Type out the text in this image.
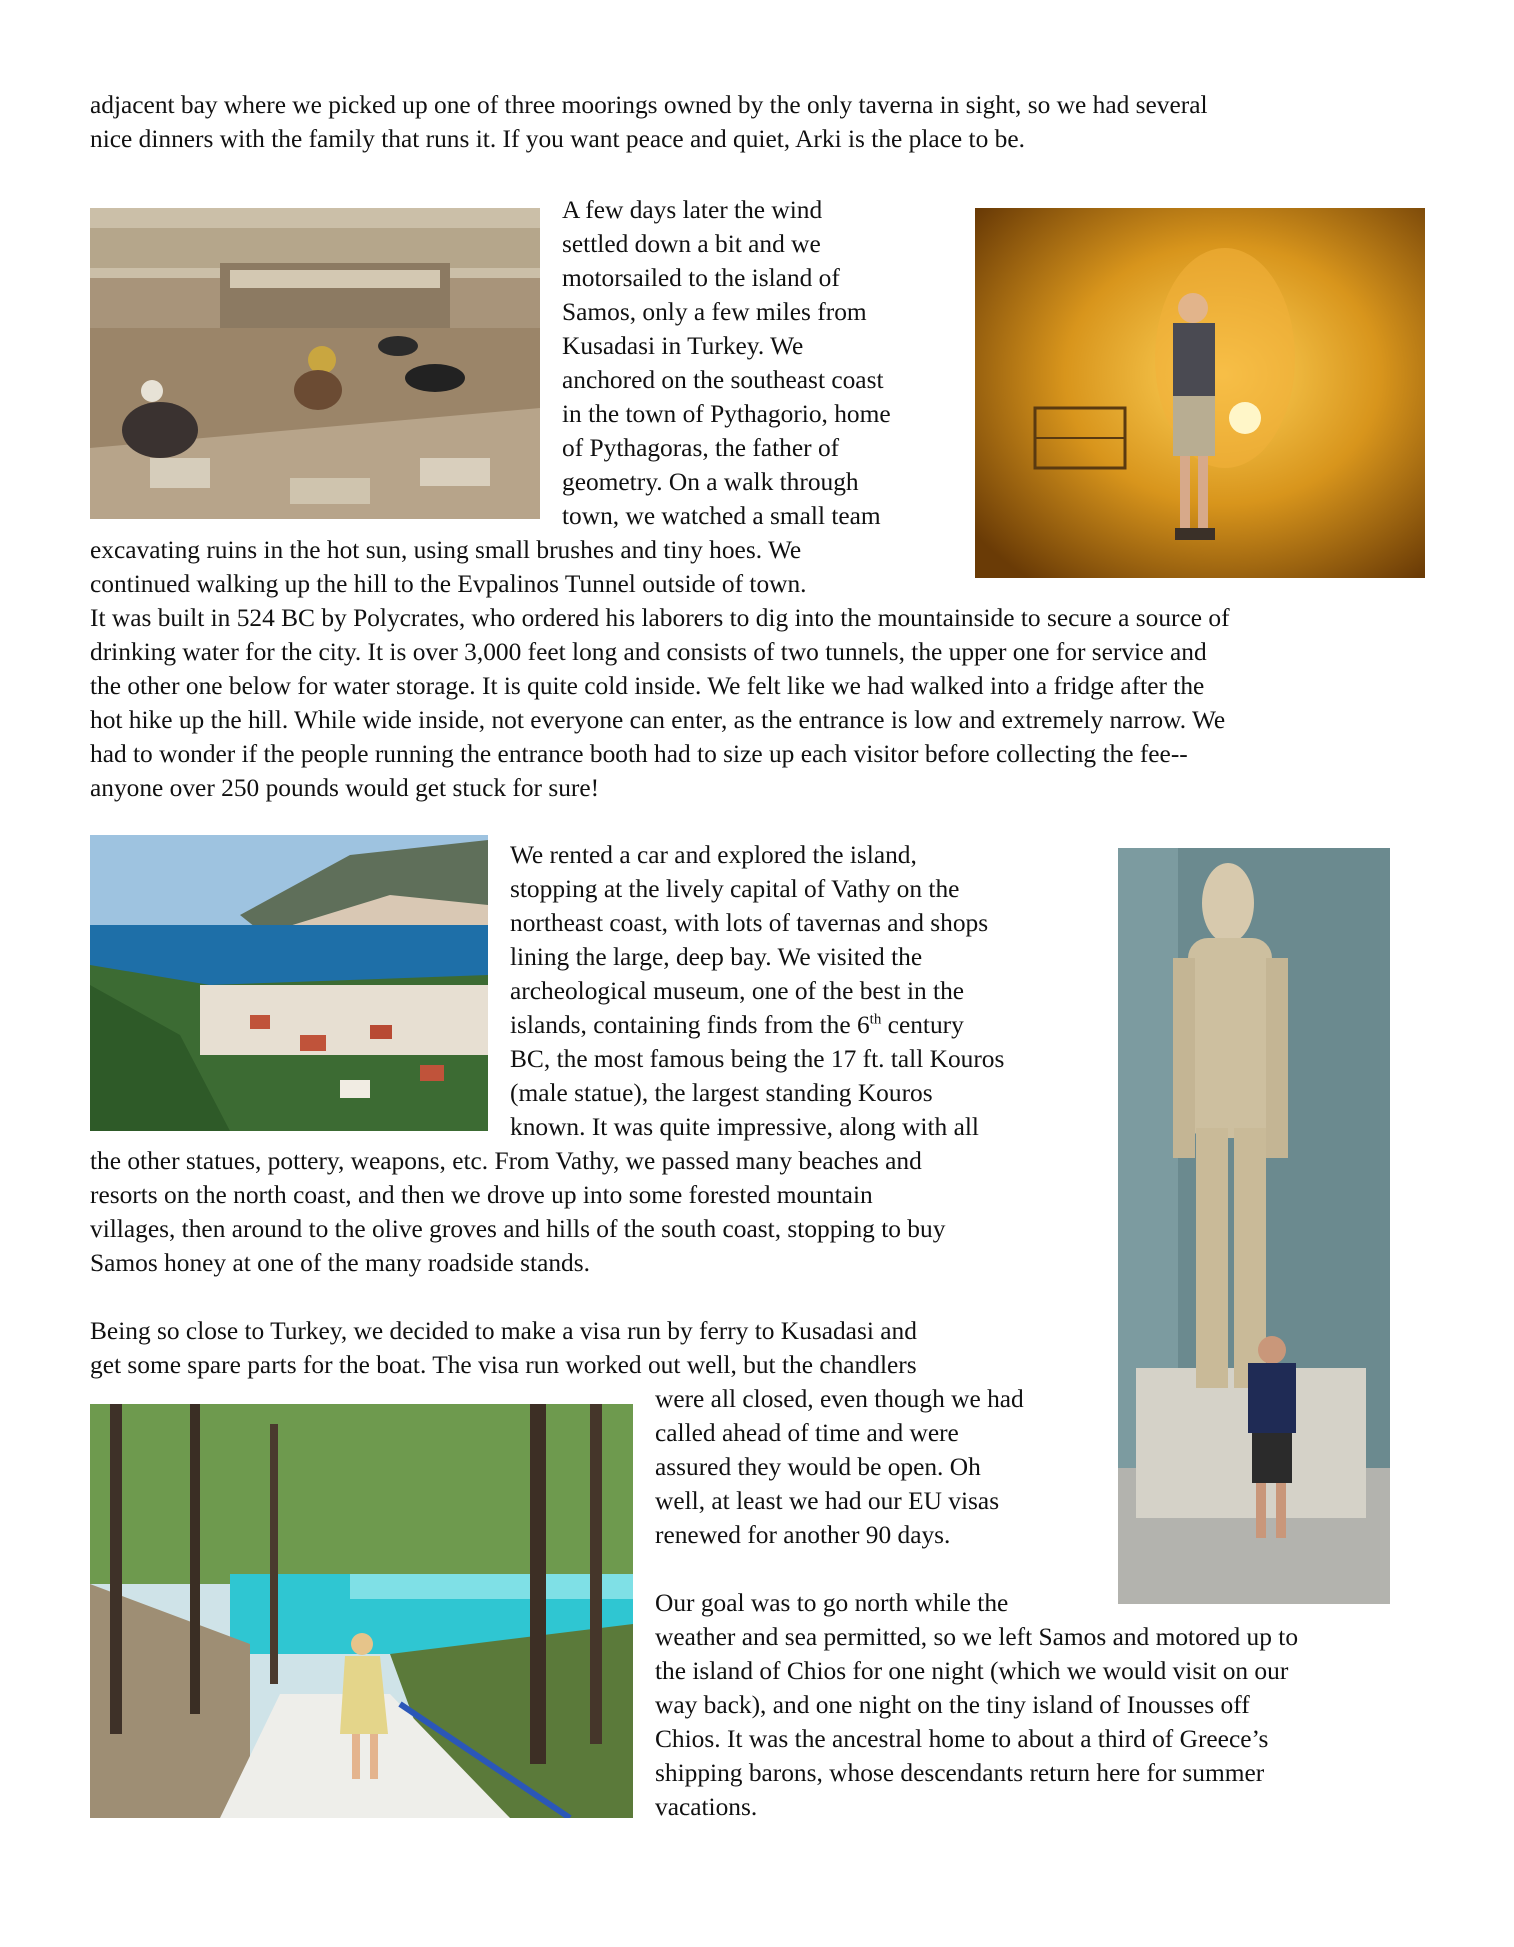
adjacent bay where we picked up one of three moorings owned by the only taverna in sight, so we had several
nice dinners with the family that runs it. If you want peace and quiet, Arki is the place to be.
A few days later the wind
settled down a bit and we
motorsailed to the island of
Samos, only a few miles from
Kusadasi in Turkey. We
anchored on the southeast coast
in the town of Pythagorio, home
of Pythagoras, the father of
geometry. On a walk through
town, we watched a small team
excavating ruins in the hot sun, using small brushes and tiny hoes. We
continued walking up the hill to the Evpalinos Tunnel outside of town.
It was built in 524 BC by Polycrates, who ordered his laborers to dig into the mountainside to secure a source of
drinking water for the city. It is over 3,000 feet long and consists of two tunnels, the upper one for service and
the other one below for water storage. It is quite cold inside. We felt like we had walked into a fridge after the
hot hike up the hill. While wide inside, not everyone can enter, as the entrance is low and extremely narrow. We
had to wonder if the people running the entrance booth had to size up each visitor before collecting the fee--
anyone over 250 pounds would get stuck for sure!
We rented a car and explored the island,
stopping at the lively capital of Vathy on the
northeast coast, with lots of tavernas and shops
lining the large, deep bay. We visited the
archeological museum, one of the best in the
islands, containing finds from the 6th century
BC, the most famous being the 17 ft. tall Kouros
(male statue), the largest standing Kouros
known. It was quite impressive, along with all
the other statues, pottery, weapons, etc. From Vathy, we passed many beaches and
resorts on the north coast, and then we drove up into some forested mountain
villages, then around to the olive groves and hills of the south coast, stopping to buy
Samos honey at one of the many roadside stands.
Being so close to Turkey, we decided to make a visa run by ferry to Kusadasi and
get some spare parts for the boat. The visa run worked out well, but the chandlers
were all closed, even though we had
called ahead of time and were
assured they would be open. Oh
well, at least we had our EU visas
renewed for another 90 days.
Our goal was to go north while the
weather and sea permitted, so we left Samos and motored up to
the island of Chios for one night (which we would visit on our
way back), and one night on the tiny island of Inousses off
Chios. It was the ancestral home to about a third of Greece’s
shipping barons, whose descendants return here for summer
vacations.
